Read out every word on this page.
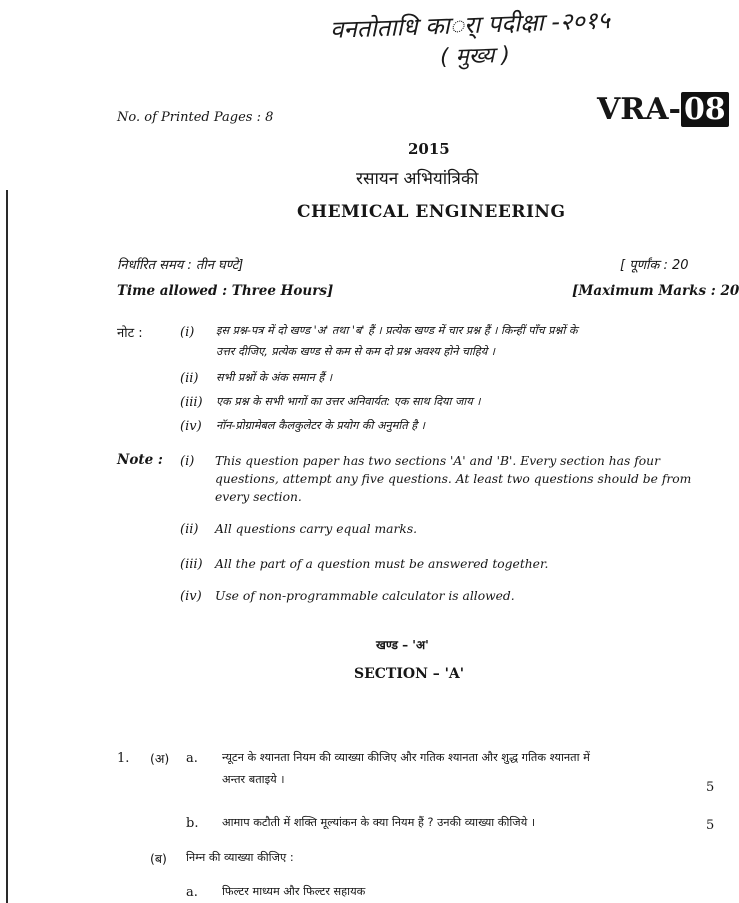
वनतोताधि कार्ा पदीक्षा -२०१५
( मुख्य )
No. of Printed Pages : 8	VRA- 08
2015
रसायन अभियांत्रिकी
CHEMICAL ENGINEERING
निर्धारित समय : तीन घण्टे]	[ पूर्णांक : 20
Time allowed : Three Hours]	[Maximum Marks : 20
नोट :	(i) इस प्रश्न-पत्र में दो खण्ड 'अ' तथा 'ब' हैं । प्रत्येक खण्ड में चार प्रश्न हैं । किन्हीं पाँच प्रश्नों के
उत्तर दीजिए, प्रत्येक खण्ड से कम से कम दो प्रश्न अवश्य होने चाहिये ।
(ii) सभी प्रश्नों के अंक समान हैं ।
(iii) एक प्रश्न के सभी भागों का उत्तर अनिवार्यत: एक साथ दिया जाय ।
(iv) नॉन-प्रोग्रामेबल कैलकुलेटर के प्रयोग की अनुमति है ।
Note : (i) This question paper has two sections 'A' and 'B'. Every section has four
questions, attempt any five questions. At least two questions should be from
every section.
(ii) All questions carry equal marks.
(iii) All the part of a question must be answered together.
(iv) Use of non-programmable calculator is allowed.
खण्ड – 'अ'
SECTION – 'A'
1. (अ) a. न्यूटन के श्यानता नियम की व्याख्या कीजिए और गतिक श्यानता और शुद्ध गतिक श्यानता में
अन्तर बताइये ।
5
b. आमाप कटौती में शक्ति मूल्यांकन के क्या नियम हैं ? उनकी व्याख्या कीजिये ।	5
(ब) निम्न की व्याख्या कीजिए :
a. फिल्टर माध्यम और फिल्टर सहायक
